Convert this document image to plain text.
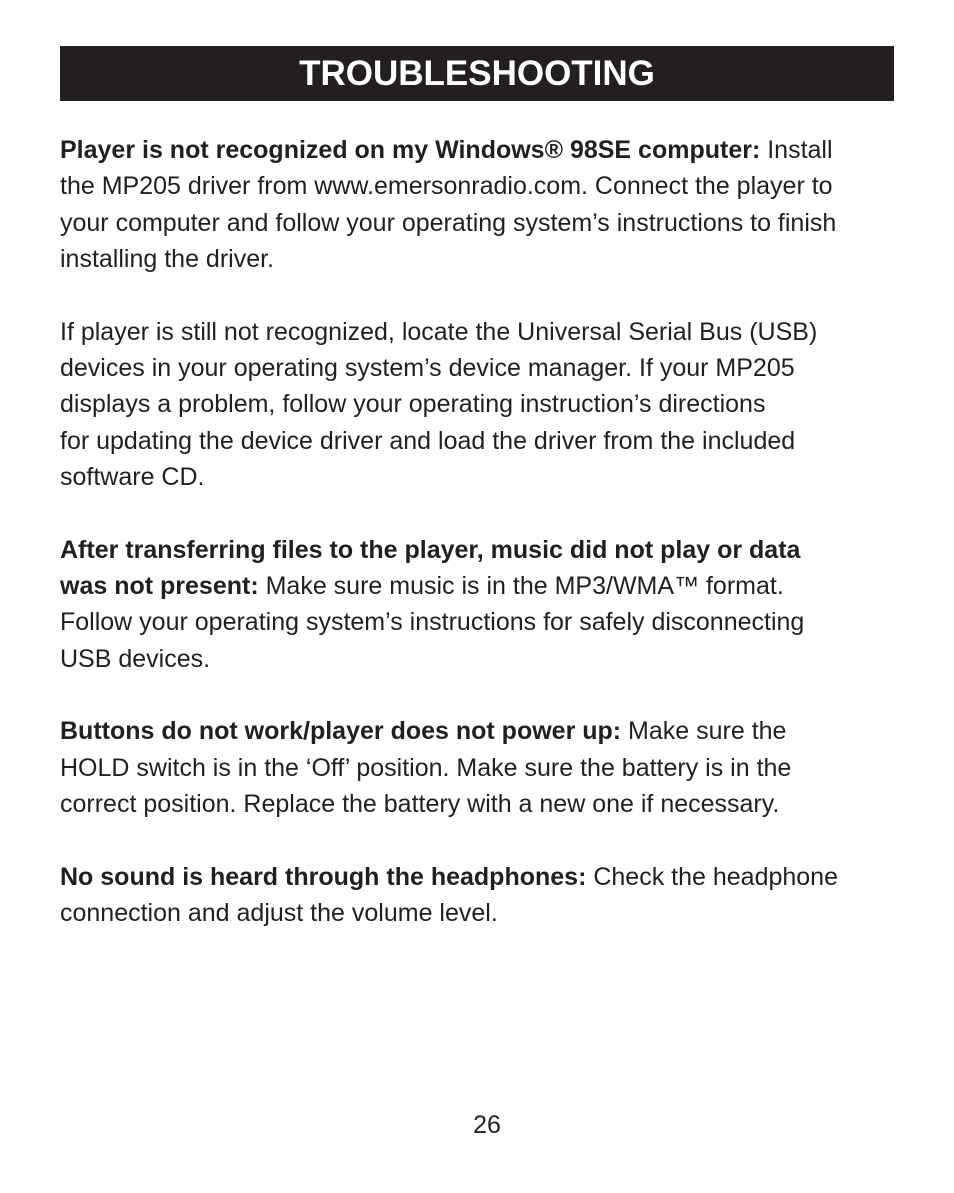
TROUBLESHOOTING

Player is not recognized on my Windows® 98SE computer: Install
the MP205 driver from www.emersonradio.com. Connect the player to
your computer and follow your operating system’s instructions to finish
installing the driver.

If player is still not recognized, locate the Universal Serial Bus (USB)
devices in your operating system’s device manager. If your MP205
displays a problem, follow your operating instruction’s directions
for updating the device driver and load the driver from the included
software CD.

After transferring files to the player, music did not play or data
was not present: Make sure music is in the MP3/WMA™ format.
Follow your operating system’s instructions for safely disconnecting
USB devices.

Buttons do not work/player does not power up: Make sure the
HOLD switch is in the ‘Off’ position. Make sure the battery is in the
correct position. Replace the battery with a new one if necessary.

No sound is heard through the headphones: Check the headphone
connection and adjust the volume level.

26
